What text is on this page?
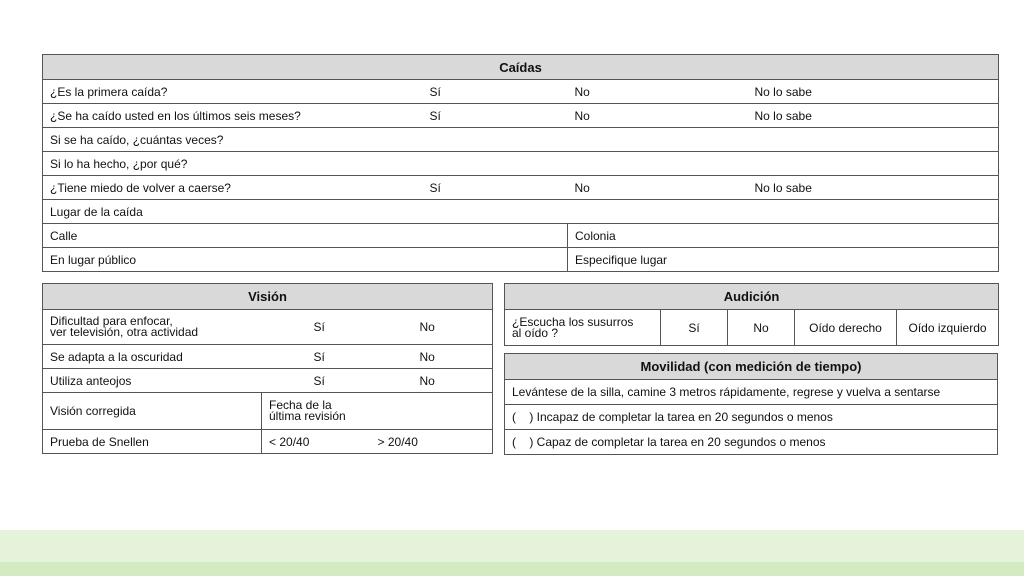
Caídas			
¿Es la primera caída?	Sí	No	No lo sabe
¿Se ha caído usted en los últimos seis meses?	Sí	No	No lo sabe
Si se ha caído, ¿cuántas veces?			
Si lo ha hecho, ¿por qué?			
¿Tiene miedo de volver a caerse?	Sí	No	No lo sabe
Lugar de la caída			
Calle		Colonia	
En lugar público		Especifique lugar	
Visión		

Dificultad para enfocar,
ver televisión, otra actividad	Sí	No
Se adapta a la oscuridad	Sí	No
Utiliza anteojos	Sí	No
Visión corregida	Fecha de la
última revisión	

Prueba de Snellen	< 20/40	> 20/40
Audición

¿Escucha los susurros
al oído ?	Sí	No	Oído derecho	Oído izquierdo
Movilidad (con medición de tiempo)
Levántese de la silla, camine 3 metros rápidamente, regrese y vuelva a sentarse
(    ) Incapaz de completar la tarea en 20 segundos o menos
(    ) Capaz de completar la tarea en 20 segundos o menos
